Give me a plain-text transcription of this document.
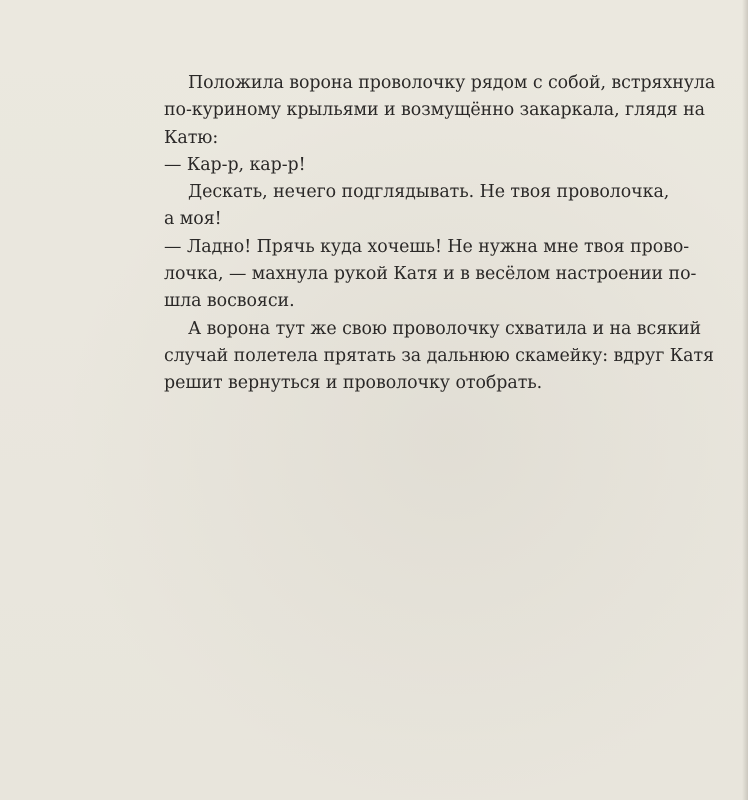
Положила ворона проволочку рядом с собой, встряхнула
по-куриному крыльями и возмущённо закаркала, глядя на
Катю:
— Кар-р, кар-р!
Дескать, нечего подглядывать. Не твоя проволочка,
а моя!
— Ладно! Прячь куда хочешь! Не нужна мне твоя прово-
лочка, — махнула рукой Катя и в весёлом настроении по-
шла восвояси.
А ворона тут же свою проволочку схватила и на всякий
случай полетела прятать за дальнюю скамейку: вдруг Катя
решит вернуться и проволочку отобрать.
